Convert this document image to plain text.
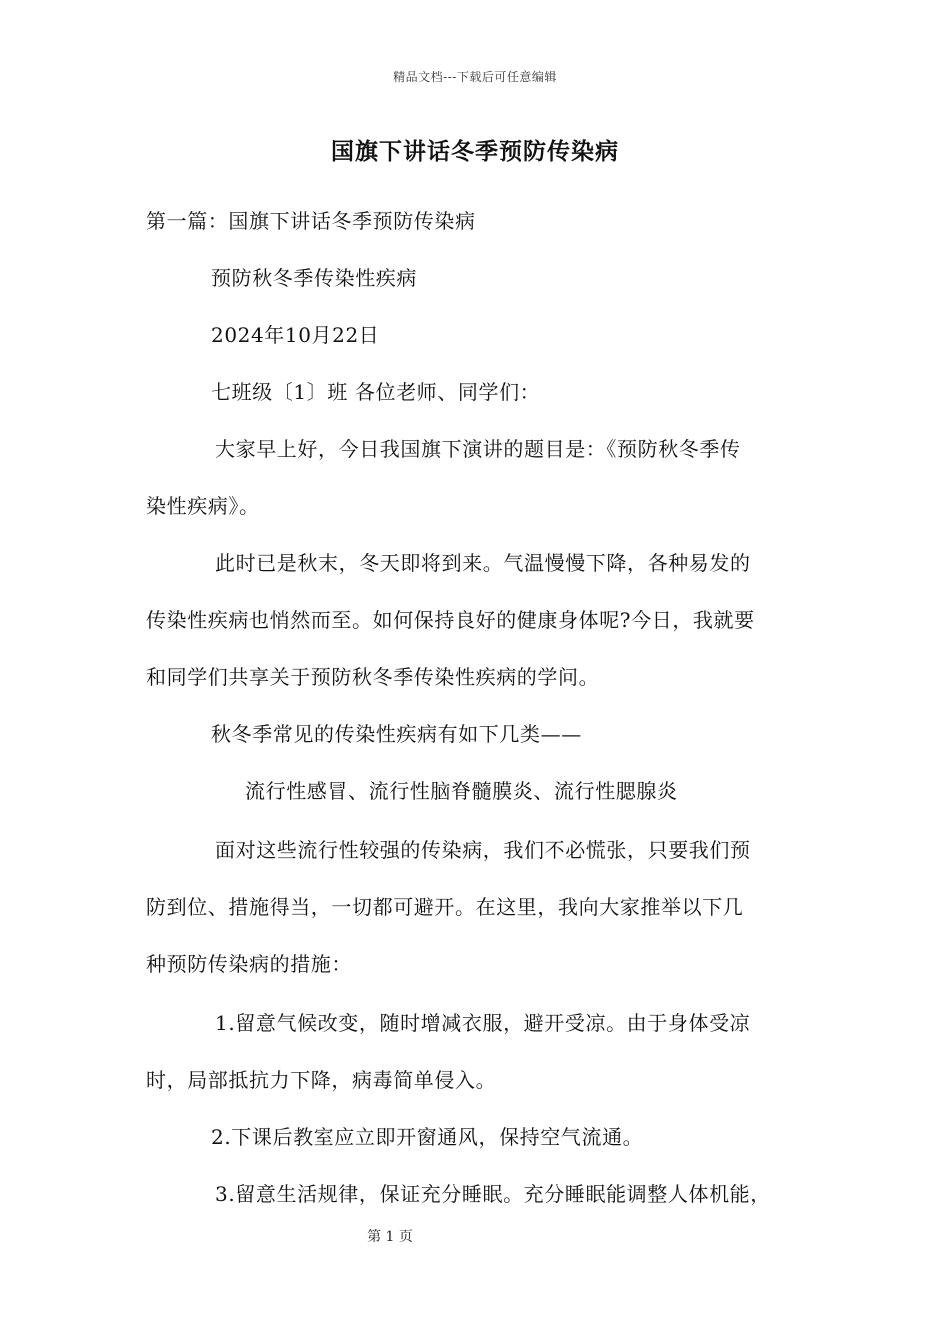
精品文档---下载后可任意编辑
国旗下讲话冬季预防传染病
第一篇：国旗下讲话冬季预防传染病
预防秋冬季传染性疾病
2024年10月22日
七班级〔1〕班 各位老师、同学们：
大家早上好，今日我国旗下演讲的题目是：《预防秋冬季传
染性疾病》。
此时已是秋末，冬天即将到来。气温慢慢下降，各种易发的
传染性疾病也悄然而至。如何保持良好的健康身体呢?今日，我就要
和同学们共享关于预防秋冬季传染性疾病的学问。
秋冬季常见的传染性疾病有如下几类——
流行性感冒、流行性脑脊髓膜炎、流行性腮腺炎
面对这些流行性较强的传染病，我们不必慌张，只要我们预
防到位、措施得当，一切都可避开。在这里，我向大家推举以下几
种预防传染病的措施：
1.留意气候改变，随时增减衣服，避开受凉。由于身体受凉
时，局部抵抗力下降，病毒简单侵入。
2.下课后教室应立即开窗通风，保持空气流通。
3.留意生活规律，保证充分睡眠。充分睡眠能调整人体机能，
第 1 页
